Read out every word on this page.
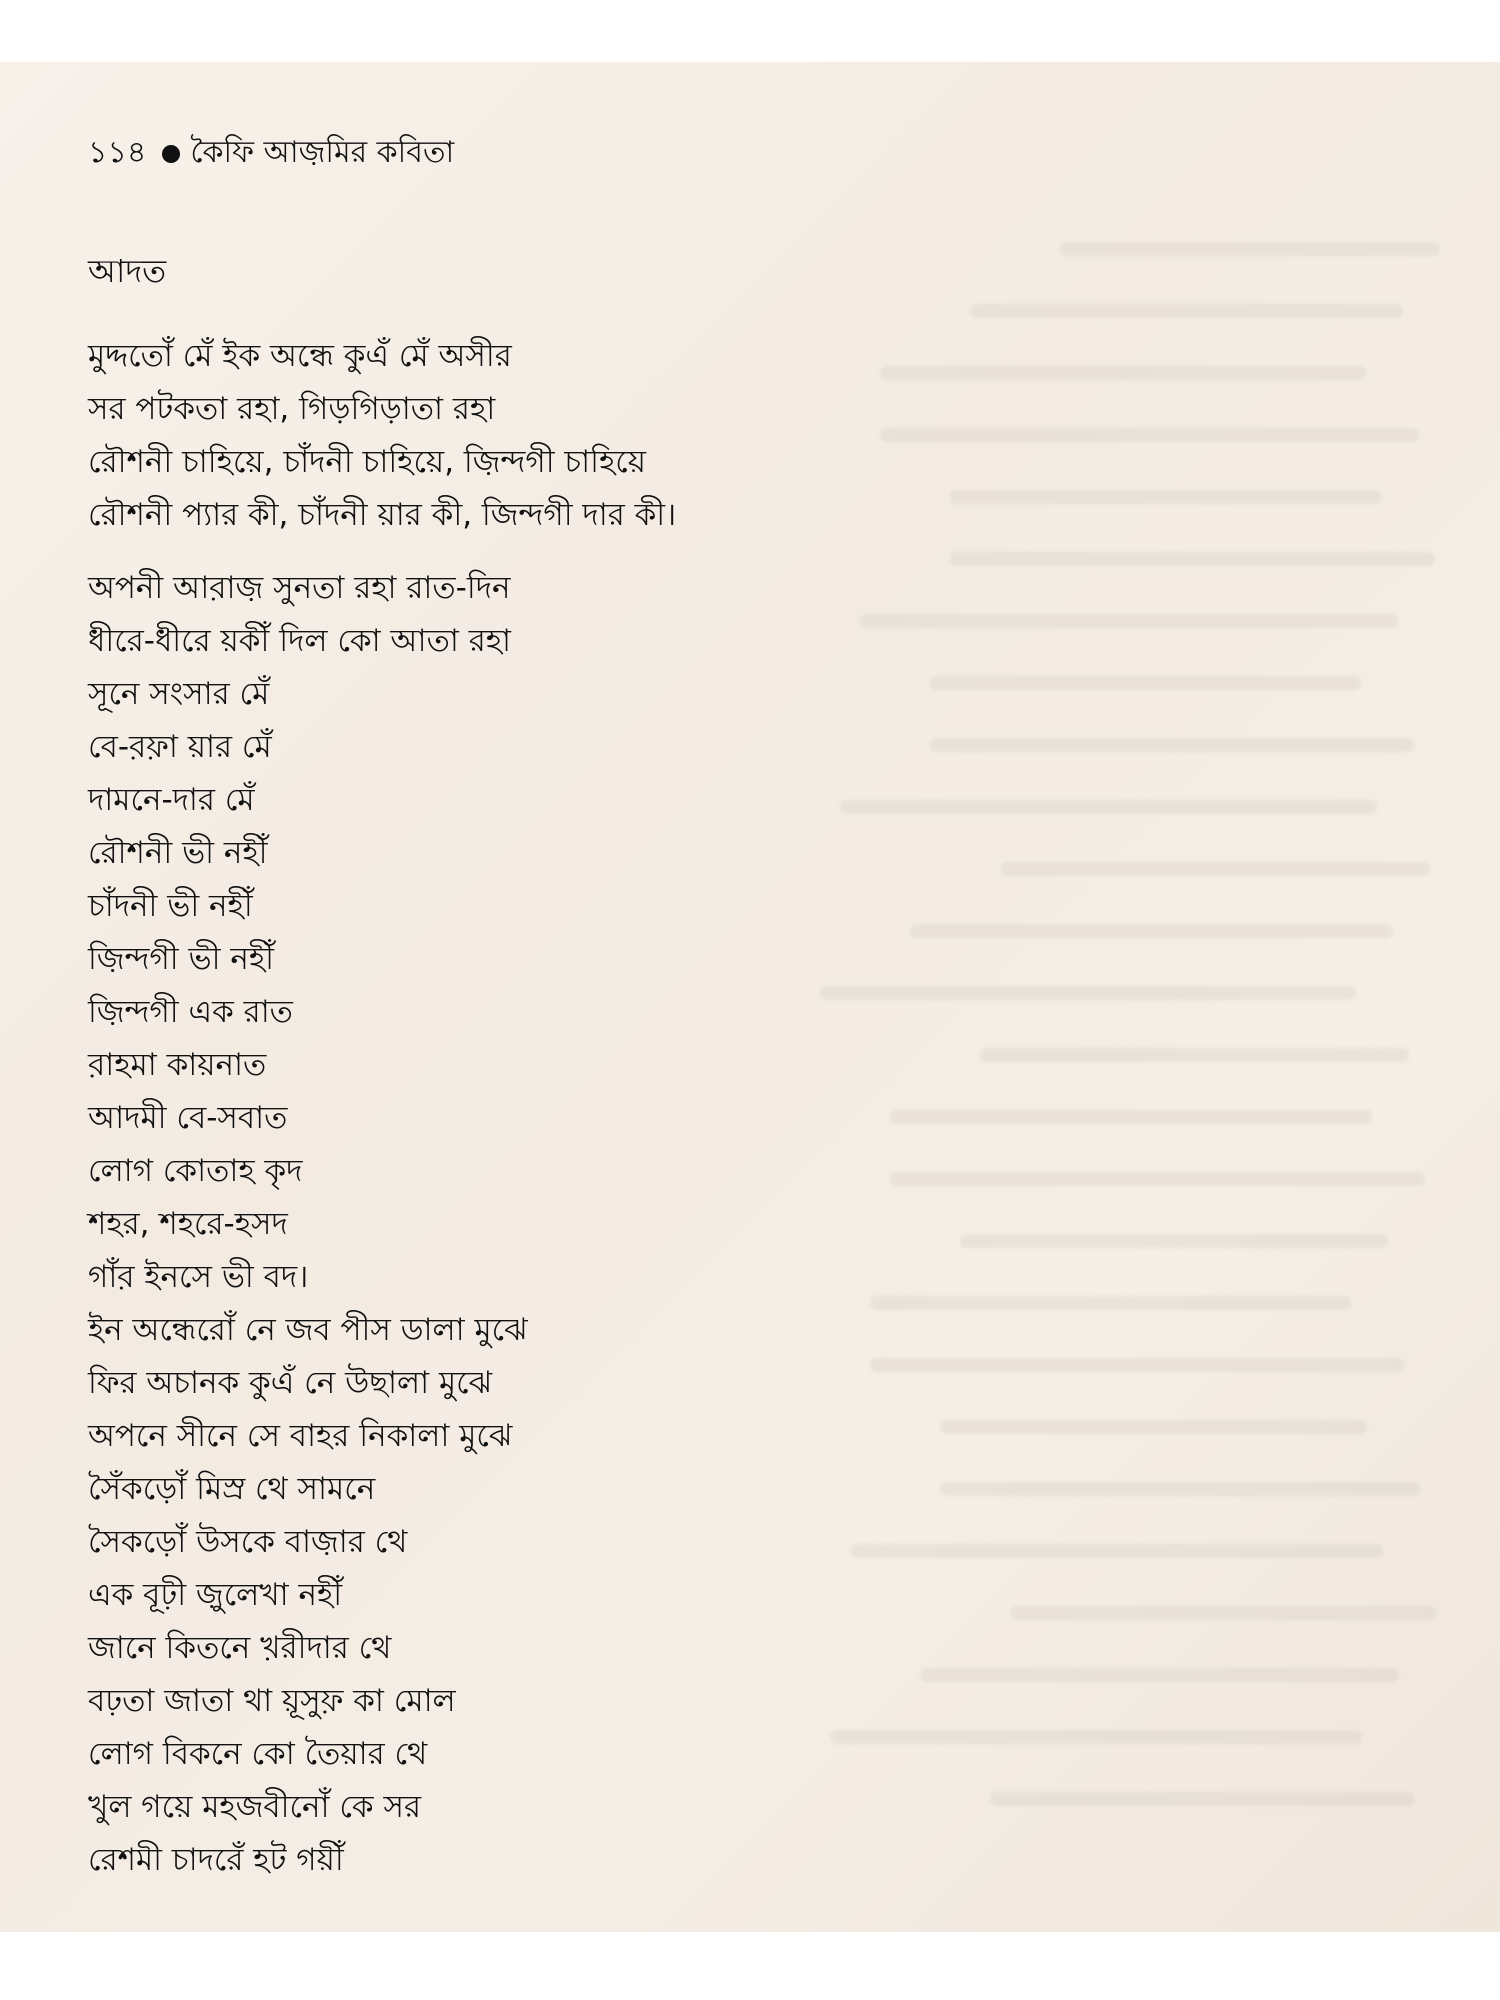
১১৪ কৈফি আজ়মির কবিতা
আদত
মুদ্দতোঁ মেঁ ইক অন্ধে কুএঁ মেঁ অসীর
সর পটকতা রহা, গিড়গিড়াতা রহা
রৌশনী চাহিয়ে, চাঁদনী চাহিয়ে, জ়িন্দগী চাহিয়ে
রৌশনী প্যার কী, চাঁদনী য়ার কী, জিন্দগী দার কী।
অপনী আব়াজ় সুনতা রহা রাত-দিন
ধীরে-ধীরে য়কীঁ দিল কো আতা রহা
সূনে সংসার মেঁ
বে-ব়ফ়া য়ার মেঁ
দামনে-দার মেঁ
রৌশনী ভী নহীঁ
চাঁদনী ভী নহীঁ
জ়িন্দগী ভী নহীঁ
জ়িন্দগী এক রাত
ব়াহমা কায়নাত
আদমী বে-সবাত
লোগ কোতাহ কৃদ
শহর, শহরে-হসদ
গাঁব় ইনসে ভী বদ।
ইন অন্ধেরোঁ নে জব পীস ডালা মুঝে
ফির অচানক কুএঁ নে উছালা মুঝে
অপনে সীনে সে বাহর নিকালা মুঝে
সৈঁকড়োঁ মিস্র থে সামনে
সৈকড়োঁ উসকে বাজ়ার থে
এক বূঢ়ী জ়ুলেখা নহীঁ
জানে কিতনে খ়রীদার থে
বঢ়তা জাতা থা য়ূসুফ় কা মোল
লোগ বিকনে কো তৈয়ার থে
খুল গয়ে মহজবীনোঁ কে সর
রেশমী চাদরেঁ হট গয়ীঁ
